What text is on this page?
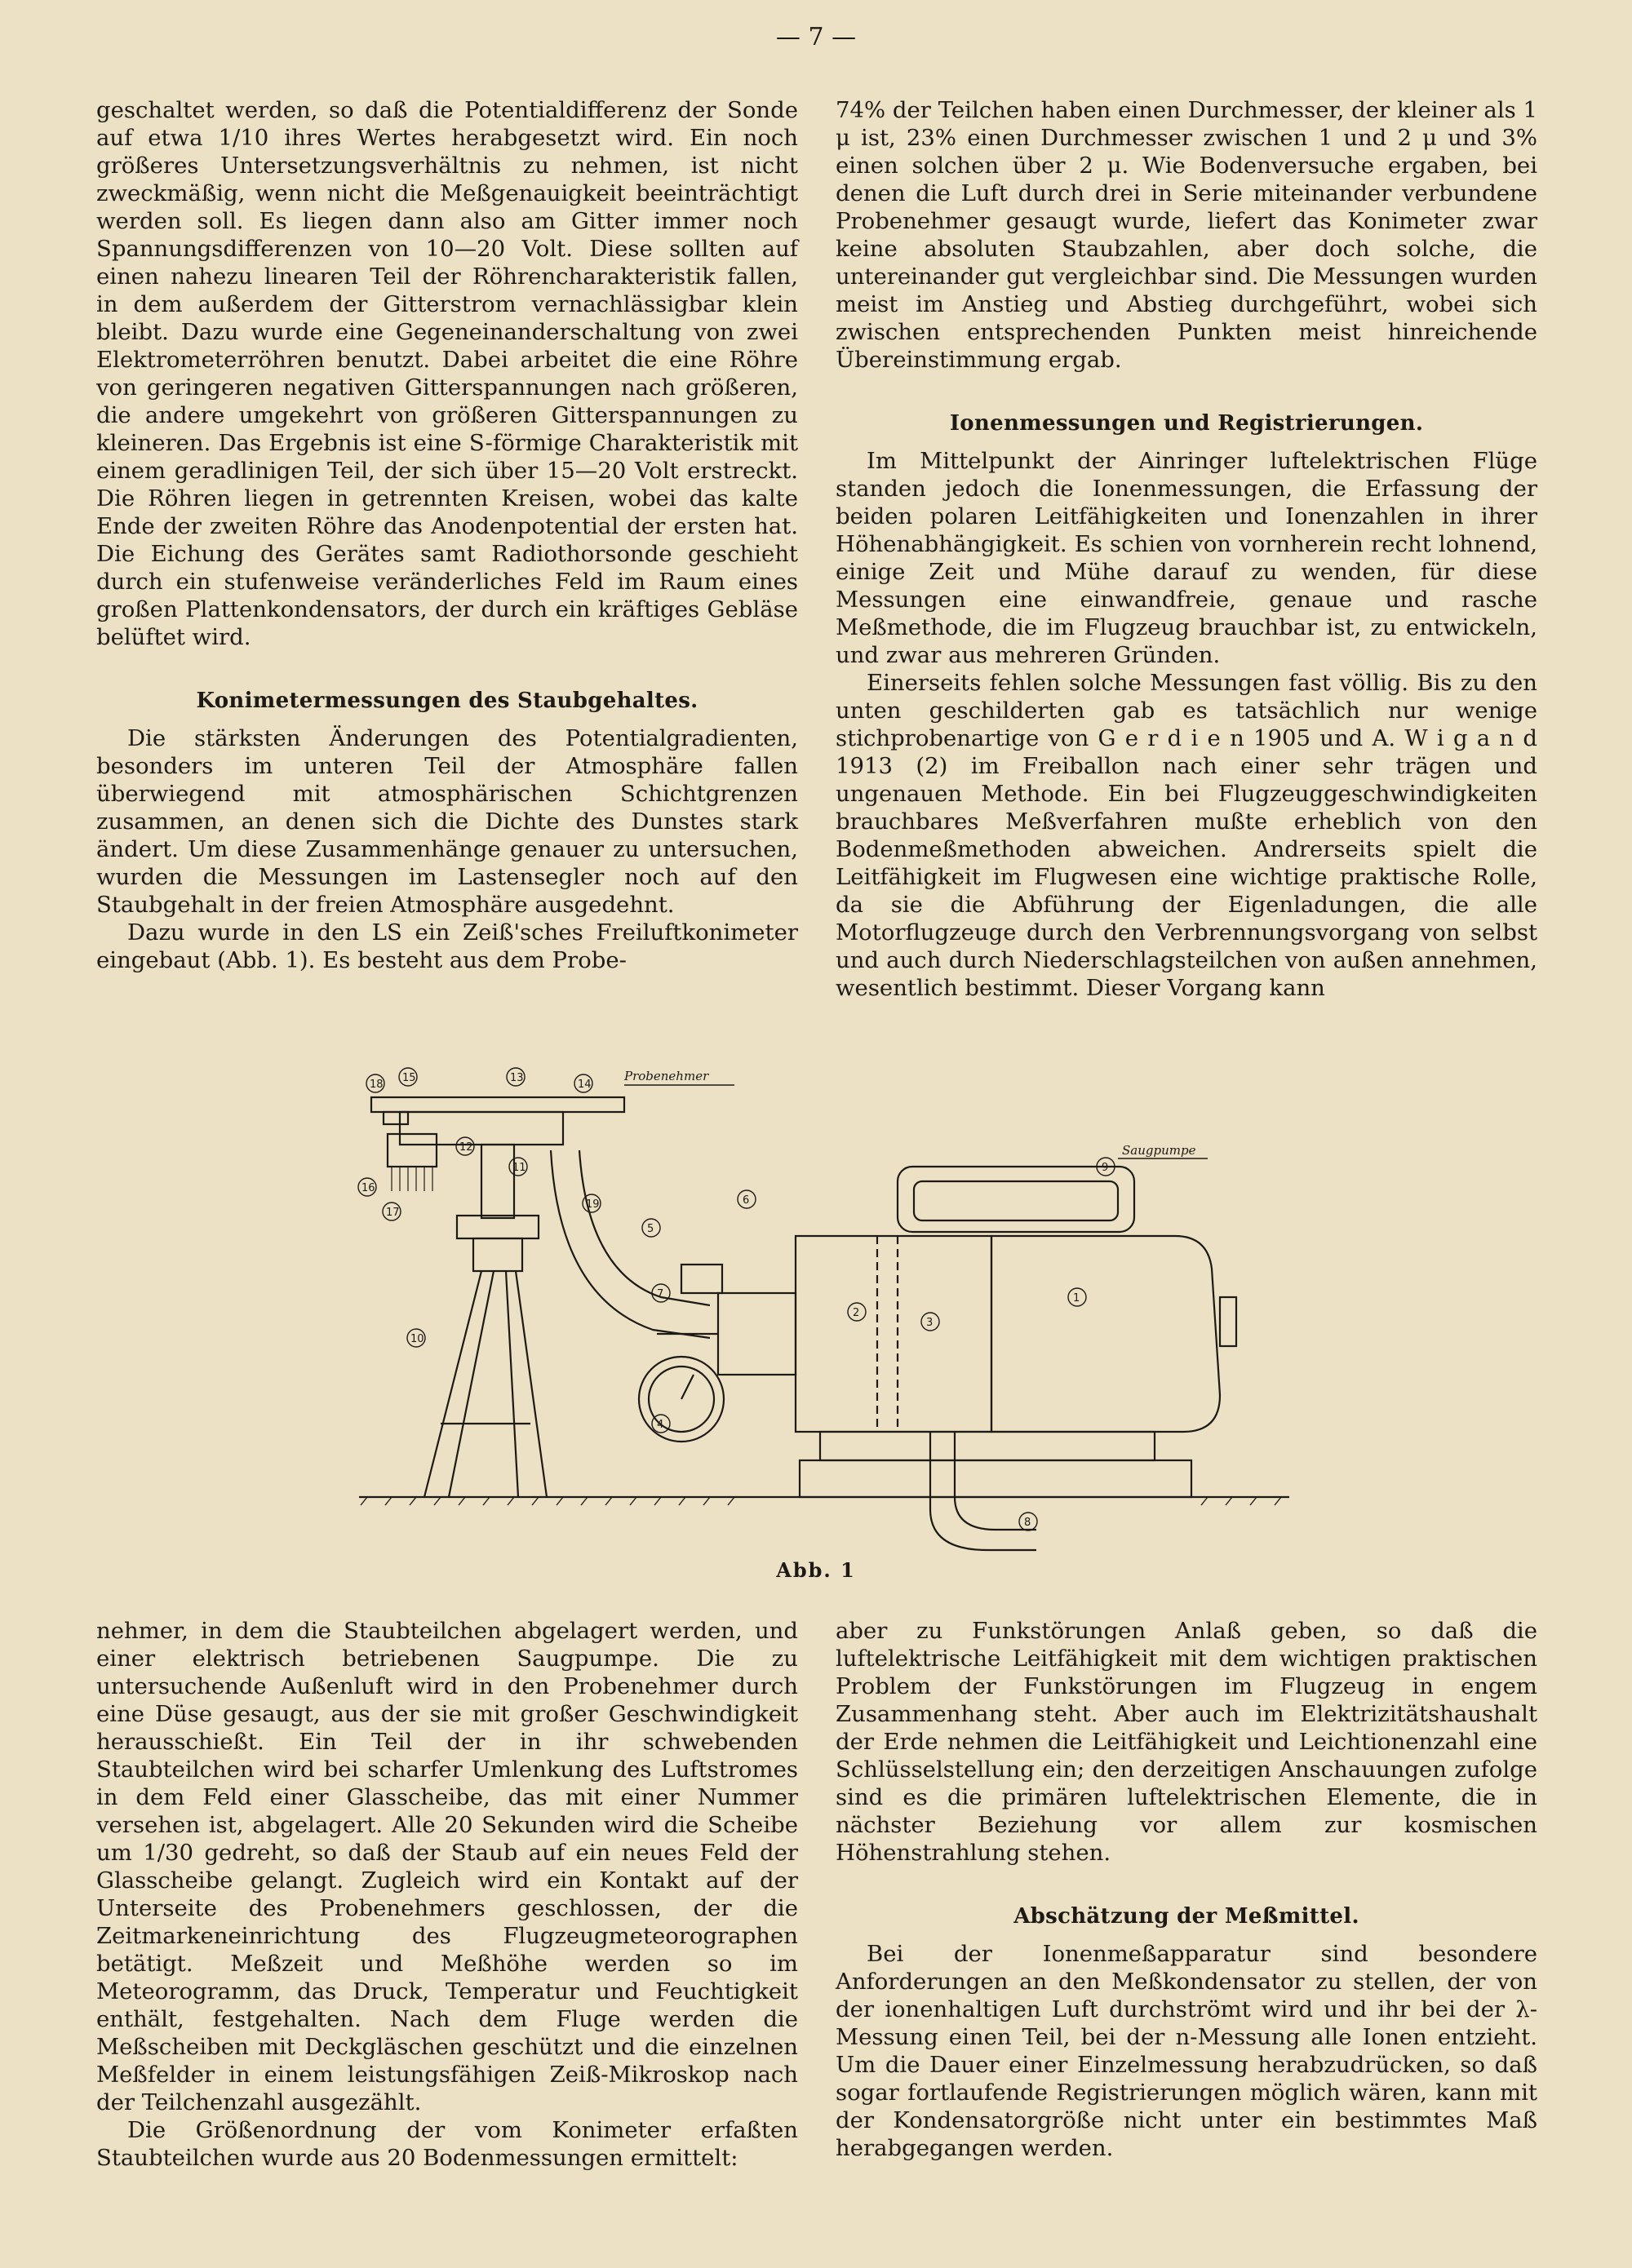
— 7 —

geschaltet werden, so daß die Potentialdifferenz der Sonde auf etwa 1/10 ihres Wertes herabgesetzt wird. Ein noch größeres Untersetzungsverhältnis zu nehmen, ist nicht zweckmäßig, wenn nicht die Meßgenauigkeit beeinträchtigt werden soll. Es liegen dann also am Gitter immer noch Spannungsdifferenzen von 10—20 Volt. Diese sollten auf einen nahezu linearen Teil der Röhrencharakteristik fallen, in dem außerdem der Gitterstrom vernachlässigbar klein bleibt. Dazu wurde eine Gegeneinanderschaltung von zwei Elektrometerröhren benutzt. Dabei arbeitet die eine Röhre von geringeren negativen Gitterspannungen nach größeren, die andere umgekehrt von größeren Gitterspannungen zu kleineren. Das Ergebnis ist eine S-förmige Charakteristik mit einem geradlinigen Teil, der sich über 15—20 Volt erstreckt. Die Röhren liegen in getrennten Kreisen, wobei das kalte Ende der zweiten Röhre das Anodenpotential der ersten hat. Die Eichung des Gerätes samt Radiothorsonde geschieht durch ein stufenweise veränderliches Feld im Raum eines großen Plattenkondensators, der durch ein kräftiges Gebläse belüftet wird.

Konimetermessungen des Staubgehaltes.

Die stärksten Änderungen des Potentialgradienten, besonders im unteren Teil der Atmosphäre fallen überwiegend mit atmosphärischen Schichtgrenzen zusammen, an denen sich die Dichte des Dunstes stark ändert. Um diese Zusammenhänge genauer zu untersuchen, wurden die Messungen im Lastensegler noch auf den Staubgehalt in der freien Atmosphäre ausgedehnt.

Dazu wurde in den LS ein Zeiß'sches Freiluftkonimeter eingebaut (Abb. 1). Es besteht aus dem Probe-

74% der Teilchen haben einen Durchmesser, der kleiner als 1 μ ist, 23% einen Durchmesser zwischen 1 und 2 μ und 3% einen solchen über 2 μ. Wie Bodenversuche ergaben, bei denen die Luft durch drei in Serie miteinander verbundene Probenehmer gesaugt wurde, liefert das Konimeter zwar keine absoluten Staubzahlen, aber doch solche, die untereinander gut vergleichbar sind. Die Messungen wurden meist im Anstieg und Abstieg durchgeführt, wobei sich zwischen entsprechenden Punkten meist hinreichende Übereinstimmung ergab.

Ionenmessungen und Registrierungen.

Im Mittelpunkt der Ainringer luftelektrischen Flüge standen jedoch die Ionenmessungen, die Erfassung der beiden polaren Leitfähigkeiten und Ionenzahlen in ihrer Höhenabhängigkeit. Es schien von vornherein recht lohnend, einige Zeit und Mühe darauf zu wenden, für diese Messungen eine einwandfreie, genaue und rasche Meßmethode, die im Flugzeug brauchbar ist, zu entwickeln, und zwar aus mehreren Gründen.

Einerseits fehlen solche Messungen fast völlig. Bis zu den unten geschilderten gab es tatsächlich nur wenige stichprobenartige von G e r d i e n 1905 und A. W i g a n d 1913 (2) im Freiballon nach einer sehr trägen und ungenauen Methode. Ein bei Flugzeuggeschwindigkeiten brauchbares Meßverfahren mußte erheblich von den Bodenmeßmethoden abweichen. Andrerseits spielt die Leitfähigkeit im Flugwesen eine wichtige praktische Rolle, da sie die Abführung der Eigenladungen, die alle Motorflugzeuge durch den Verbrennungsvorgang von selbst und auch durch Niederschlagsteilchen von außen annehmen, wesentlich bestimmt. Dieser Vorgang kann

18
15	13
14
12
11
16
17
19
10
5
6
7
2
3
1
4
9
8
Probenehmer
Saugpumpe
Abb. 1

nehmer, in dem die Staubteilchen abgelagert werden, und einer elektrisch betriebenen Saugpumpe. Die zu untersuchende Außenluft wird in den Probenehmer durch eine Düse gesaugt, aus der sie mit großer Geschwindigkeit herausschießt. Ein Teil der in ihr schwebenden Staubteilchen wird bei scharfer Umlenkung des Luftstromes in dem Feld einer Glasscheibe, das mit einer Nummer versehen ist, abgelagert. Alle 20 Sekunden wird die Scheibe um 1/30 gedreht, so daß der Staub auf ein neues Feld der Glasscheibe gelangt. Zugleich wird ein Kontakt auf der Unterseite des Probenehmers geschlossen, der die Zeitmarkeneinrichtung des Flugzeugmeteorographen betätigt. Meßzeit und Meßhöhe werden so im Meteorogramm, das Druck, Temperatur und Feuchtigkeit enthält, festgehalten. Nach dem Fluge werden die Meßscheiben mit Deckgläschen geschützt und die einzelnen Meßfelder in einem leistungsfähigen Zeiß-Mikroskop nach der Teilchenzahl ausgezählt.

Die Größenordnung der vom Konimeter erfaßten Staubteilchen wurde aus 20 Bodenmessungen ermittelt:

aber zu Funkstörungen Anlaß geben, so daß die luftelektrische Leitfähigkeit mit dem wichtigen praktischen Problem der Funkstörungen im Flugzeug in engem Zusammenhang steht. Aber auch im Elektrizitätshaushalt der Erde nehmen die Leitfähigkeit und Leichtionenzahl eine Schlüsselstellung ein; den derzeitigen Anschauungen zufolge sind es die primären luftelektrischen Elemente, die in nächster Beziehung vor allem zur kosmischen Höhenstrahlung stehen.

Abschätzung der Meßmittel.

Bei der Ionenmeßapparatur sind besondere Anforderungen an den Meßkondensator zu stellen, der von der ionenhaltigen Luft durchströmt wird und ihr bei der λ-Messung einen Teil, bei der n-Messung alle Ionen entzieht. Um die Dauer einer Einzelmessung herabzudrücken, so daß sogar fortlaufende Registrierungen möglich wären, kann mit der Kondensatorgröße nicht unter ein bestimmtes Maß herabgegangen werden.
